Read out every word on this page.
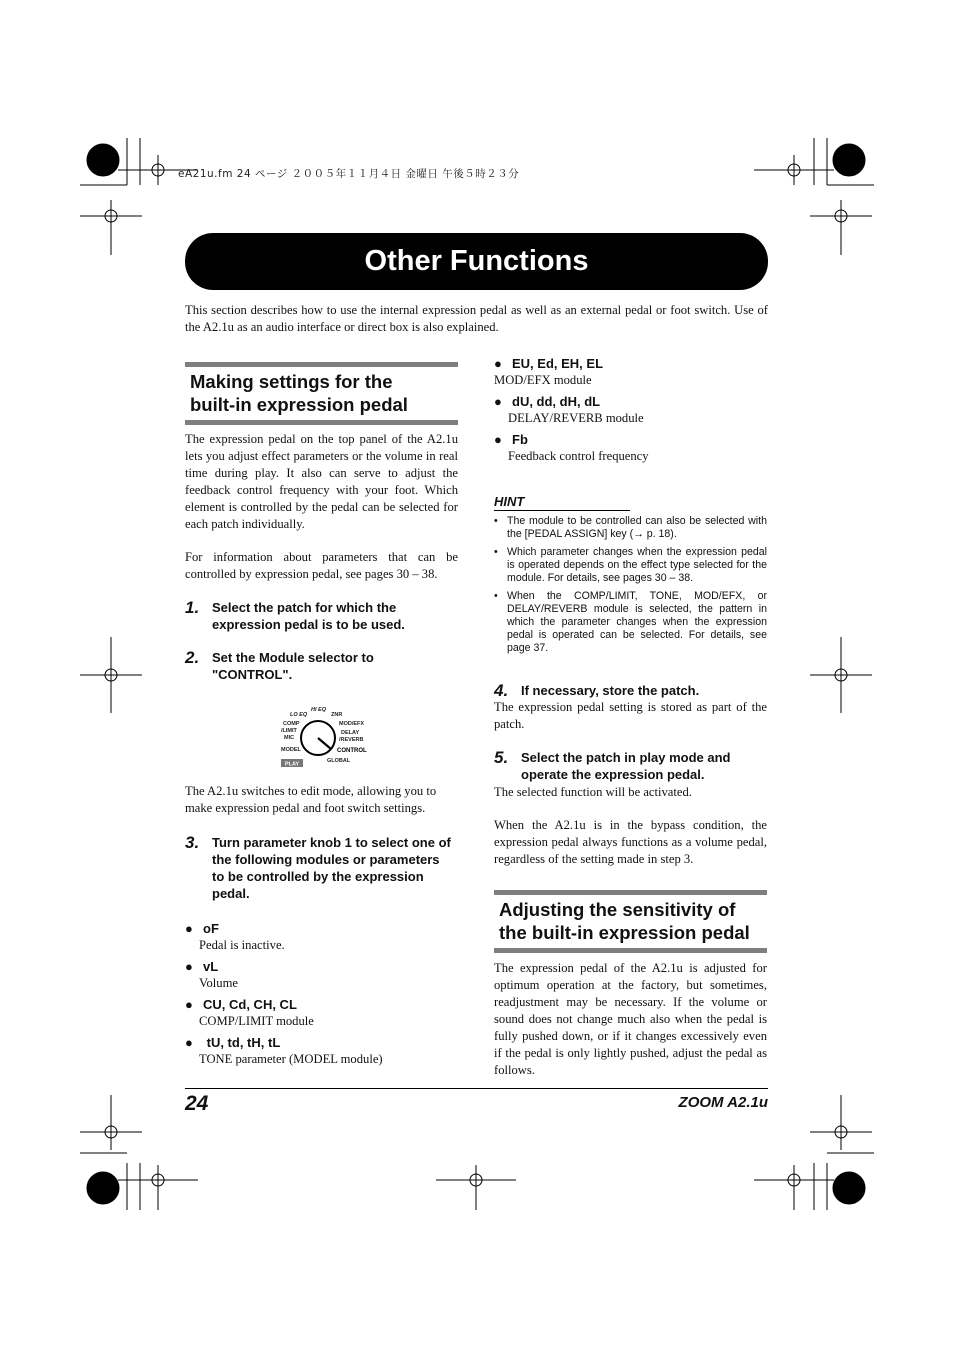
eA21u.fm 24 ページ ２００５年１１月４日 金曜日 午後５時２３分
Other Functions
This section describes how to use the internal expression pedal as well as an external pedal or foot switch. Use of the A2.1u as an audio interface or direct box is also explained.
Making settings for the
built-in expression pedal
The expression pedal on the top panel of the A2.1u lets you adjust effect parameters or the volume in real time during play. It also can serve to adjust the feedback control frequency with your foot. Which element is controlled by the pedal can be selected for each patch individually.
For information about parameters that can be controlled by expression pedal, see pages 30 – 38.
1. Select the patch for which the expression pedal is to be used.
2. Set the Module selector to "CONTROL".
LO EQ
HI EQ
ZNR
COMP
/LIMIT
MIC
MODEL
MOD/EFX
DELAY
/REVERB
CONTROL
GLOBAL
PLAY
The A2.1u switches to edit mode, allowing you to make expression pedal and foot switch settings.
3. Turn parameter knob 1 to select one of the following modules or parameters to be controlled by the expression pedal.
● oF
Pedal is inactive.
● vL
Volume
● CU, Cd, CH, CL
COMP/LIMIT module
● tU, td, tH, tL
TONE parameter (MODEL module)
● EU, Ed, EH, EL
MOD/EFX module
● dU, dd, dH, dL
DELAY/REVERB module
● Fb
Feedback control frequency
HINT
• The module to be controlled can also be selected with the [PEDAL ASSIGN] key (→ p. 18).
• Which parameter changes when the expression pedal is operated depends on the effect type selected for the module. For details, see pages 30 – 38.
• When the COMP/LIMIT, TONE, MOD/EFX, or DELAY/REVERB module is selected, the pattern in which the parameter changes when the expression pedal is operated can be selected. For details, see page 37.
4. If necessary, store the patch.
The expression pedal setting is stored as part of the patch.
5. Select the patch in play mode and operate the expression pedal.
The selected function will be activated.
When the A2.1u is in the bypass condition, the expression pedal always functions as a volume pedal, regardless of the setting made in step 3.
Adjusting the sensitivity of
the built-in expression pedal
The expression pedal of the A2.1u is adjusted for optimum operation at the factory, but sometimes, readjustment may be necessary. If the volume or sound does not change much also when the pedal is fully pushed down, or if it changes excessively even if the pedal is only lightly pushed, adjust the pedal as follows.
24	ZOOM A2.1u
